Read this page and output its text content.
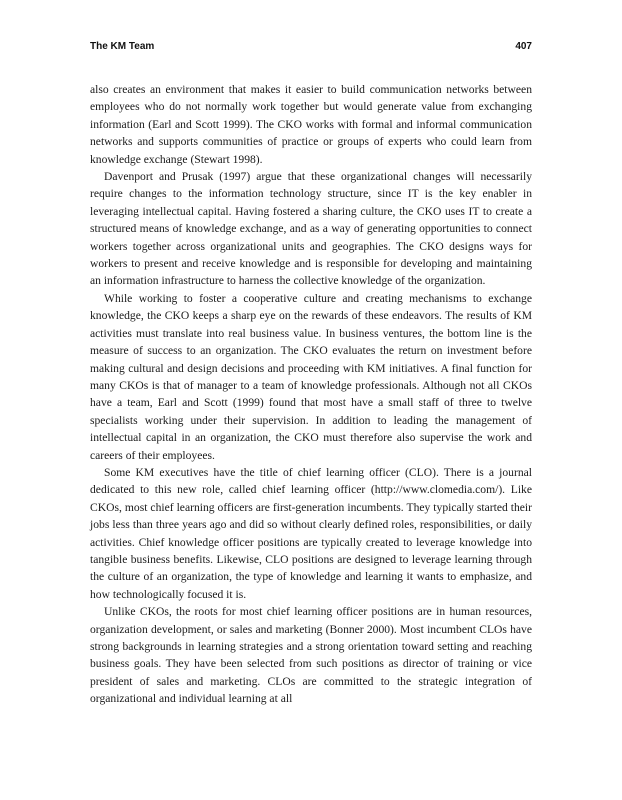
The KM Team	407

also creates an environment that makes it easier to build communication networks between employees who do not normally work together but would generate value from exchanging information (Earl and Scott 1999). The CKO works with formal and informal communication networks and supports communities of practice or groups of experts who could learn from knowledge exchange (Stewart 1998).

Davenport and Prusak (1997) argue that these organizational changes will necessarily require changes to the information technology structure, since IT is the key enabler in leveraging intellectual capital. Having fostered a sharing culture, the CKO uses IT to create a structured means of knowledge exchange, and as a way of generating opportunities to connect workers together across organizational units and geographies. The CKO designs ways for workers to present and receive knowledge and is responsible for developing and maintaining an information infrastructure to harness the collective knowledge of the organization.

While working to foster a cooperative culture and creating mechanisms to exchange knowledge, the CKO keeps a sharp eye on the rewards of these endeavors. The results of KM activities must translate into real business value. In business ventures, the bottom line is the measure of success to an organization. The CKO evaluates the return on investment before making cultural and design decisions and proceeding with KM initiatives. A final function for many CKOs is that of manager to a team of knowledge professionals. Although not all CKOs have a team, Earl and Scott (1999) found that most have a small staff of three to twelve specialists working under their supervision. In addition to leading the management of intellectual capital in an organization, the CKO must therefore also supervise the work and careers of their employees.

Some KM executives have the title of chief learning officer (CLO). There is a journal dedicated to this new role, called chief learning officer (http://www.clomedia.com/). Like CKOs, most chief learning officers are first-generation incumbents. They typically started their jobs less than three years ago and did so without clearly defined roles, responsibilities, or daily activities. Chief knowledge officer positions are typically created to leverage knowledge into tangible business benefits. Likewise, CLO positions are designed to leverage learning through the culture of an organization, the type of knowledge and learning it wants to emphasize, and how technologically focused it is.

Unlike CKOs, the roots for most chief learning officer positions are in human resources, organization development, or sales and marketing (Bonner 2000). Most incumbent CLOs have strong backgrounds in learning strategies and a strong orientation toward setting and reaching business goals. They have been selected from such positions as director of training or vice president of sales and marketing. CLOs are committed to the strategic integration of organizational and individual learning at all
